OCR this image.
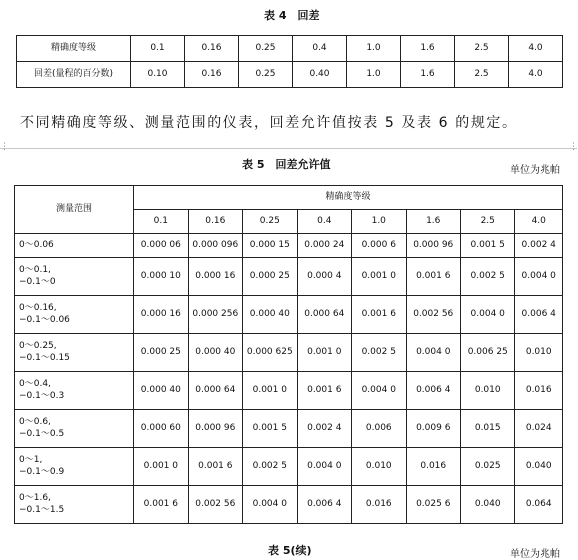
表 4　回差
精确度等级	0.1	0.16	0.25	0.4	1.0	1.6	2.5	4.0
回差(量程的百分数)	0.10	0.16	0.25	0.40	1.0	1.6	2.5	4.0
不同精确度等级、测量范围的仪表，回差允许值按表 5 及表 6 的规定。
⋮	⋮
表 5　回差允许值	单位为兆帕
测量范围	精确度等级							
	0.1	0.16	0.25	0.4	1.0	1.6	2.5	4.0

0～0.06	0.000 06	0.000 096	0.000 15	0.000 24	0.000 6	0.000 96	0.001 5	0.002 4

0～0.1,
−0.1～0	0.000 10	0.000 16	0.000 25	0.000 4	0.001 0	0.001 6	0.002 5	0.004 0

0～0.16,
−0.1～0.06	0.000 16	0.000 256	0.000 40	0.000 64	0.001 6	0.002 56	0.004 0	0.006 4

0～0.25,
−0.1～0.15	0.000 25	0.000 40	0.000 625	0.001 0	0.002 5	0.004 0	0.006 25	0.010

0～0.4,
−0.1～0.3	0.000 40	0.000 64	0.001 0	0.001 6	0.004 0	0.006 4	0.010	0.016

0～0.6,
−0.1～0.5	0.000 60	0.000 96	0.001 5	0.002 4	0.006	0.009 6	0.015	0.024

0～1,
−0.1～0.9	0.001 0	0.001 6	0.002 5	0.004 0	0.010	0.016	0.025	0.040

0～1.6,
−0.1～1.5	0.001 6	0.002 56	0.004 0	0.006 4	0.016	0.025 6	0.040	0.064
表 5(续)	单位为兆帕
